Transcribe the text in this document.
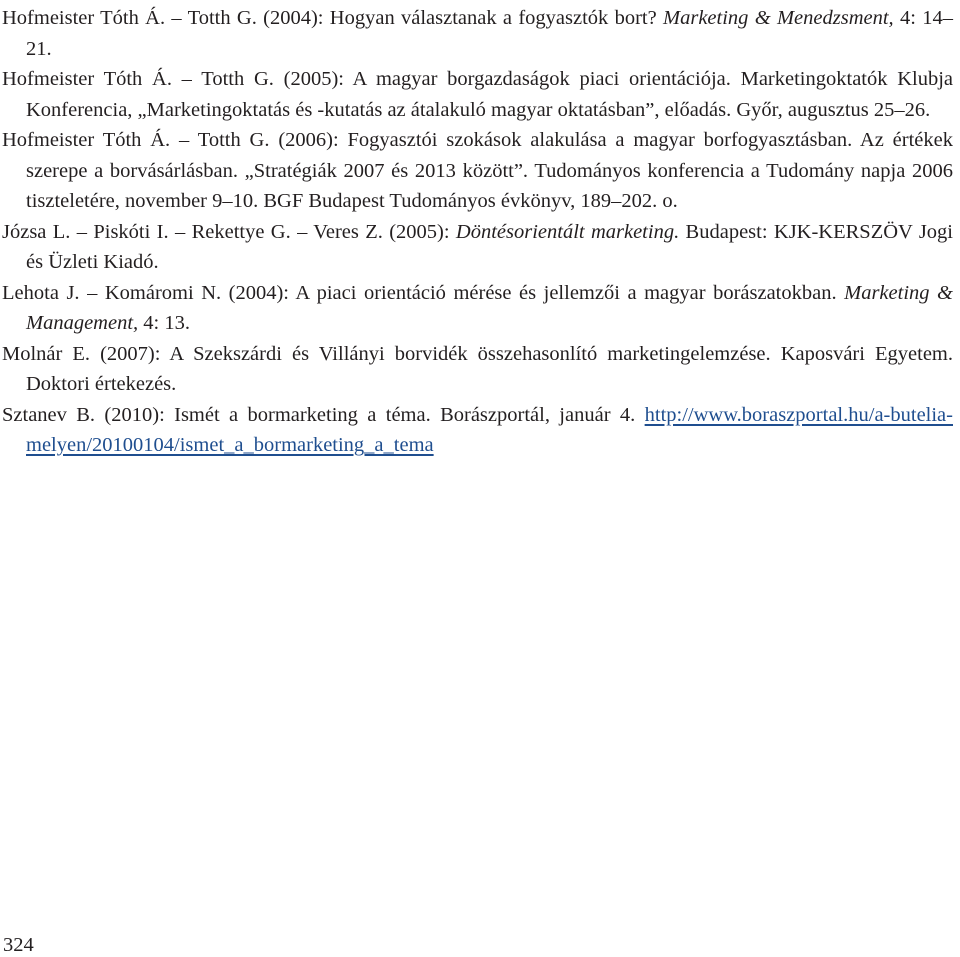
Hofmeister Tóth Á. – Totth G. (2004): Hogyan választanak a fogyasztók bort? Marketing & Menedzsment, 4: 14–21.
Hofmeister Tóth Á. – Totth G. (2005): A magyar borgazdaságok piaci orientációja. Marketingoktatók Klubja Konferencia, „Marketingoktatás és -kutatás az átalakuló magyar oktatásban”, előadás. Győr, augusztus 25–26.
Hofmeister Tóth Á. – Totth G. (2006): Fogyasztói szokások alakulása a magyar borfogyasztásban. Az értékek szerepe a borvásárlásban. „Stratégiák 2007 és 2013 között”. Tudományos konferencia a Tudomány napja 2006 tiszteletére, november 9–10. BGF Budapest Tudományos évkönyv, 189–202. o.
Józsa L. – Piskóti I. – Rekettye G. – Veres Z. (2005): Döntésorientált marketing. Budapest: KJK-KERSZÖV Jogi és Üzleti Kiadó.
Lehota J. – Komáromi N. (2004): A piaci orientáció mérése és jellemzői a magyar borászatokban. Marketing & Management, 4: 13.
Molnár E. (2007): A Szekszárdi és Villányi borvidék összehasonlító marketingelemzése. Kaposvári Egyetem. Doktori értekezés.
Sztanev B. (2010): Ismét a bormarketing a téma. Borászportál, január 4. http://www.boraszportal.hu/a-butelia-melyen/20100104/ismet_a_bormarketing_a_tema
324
